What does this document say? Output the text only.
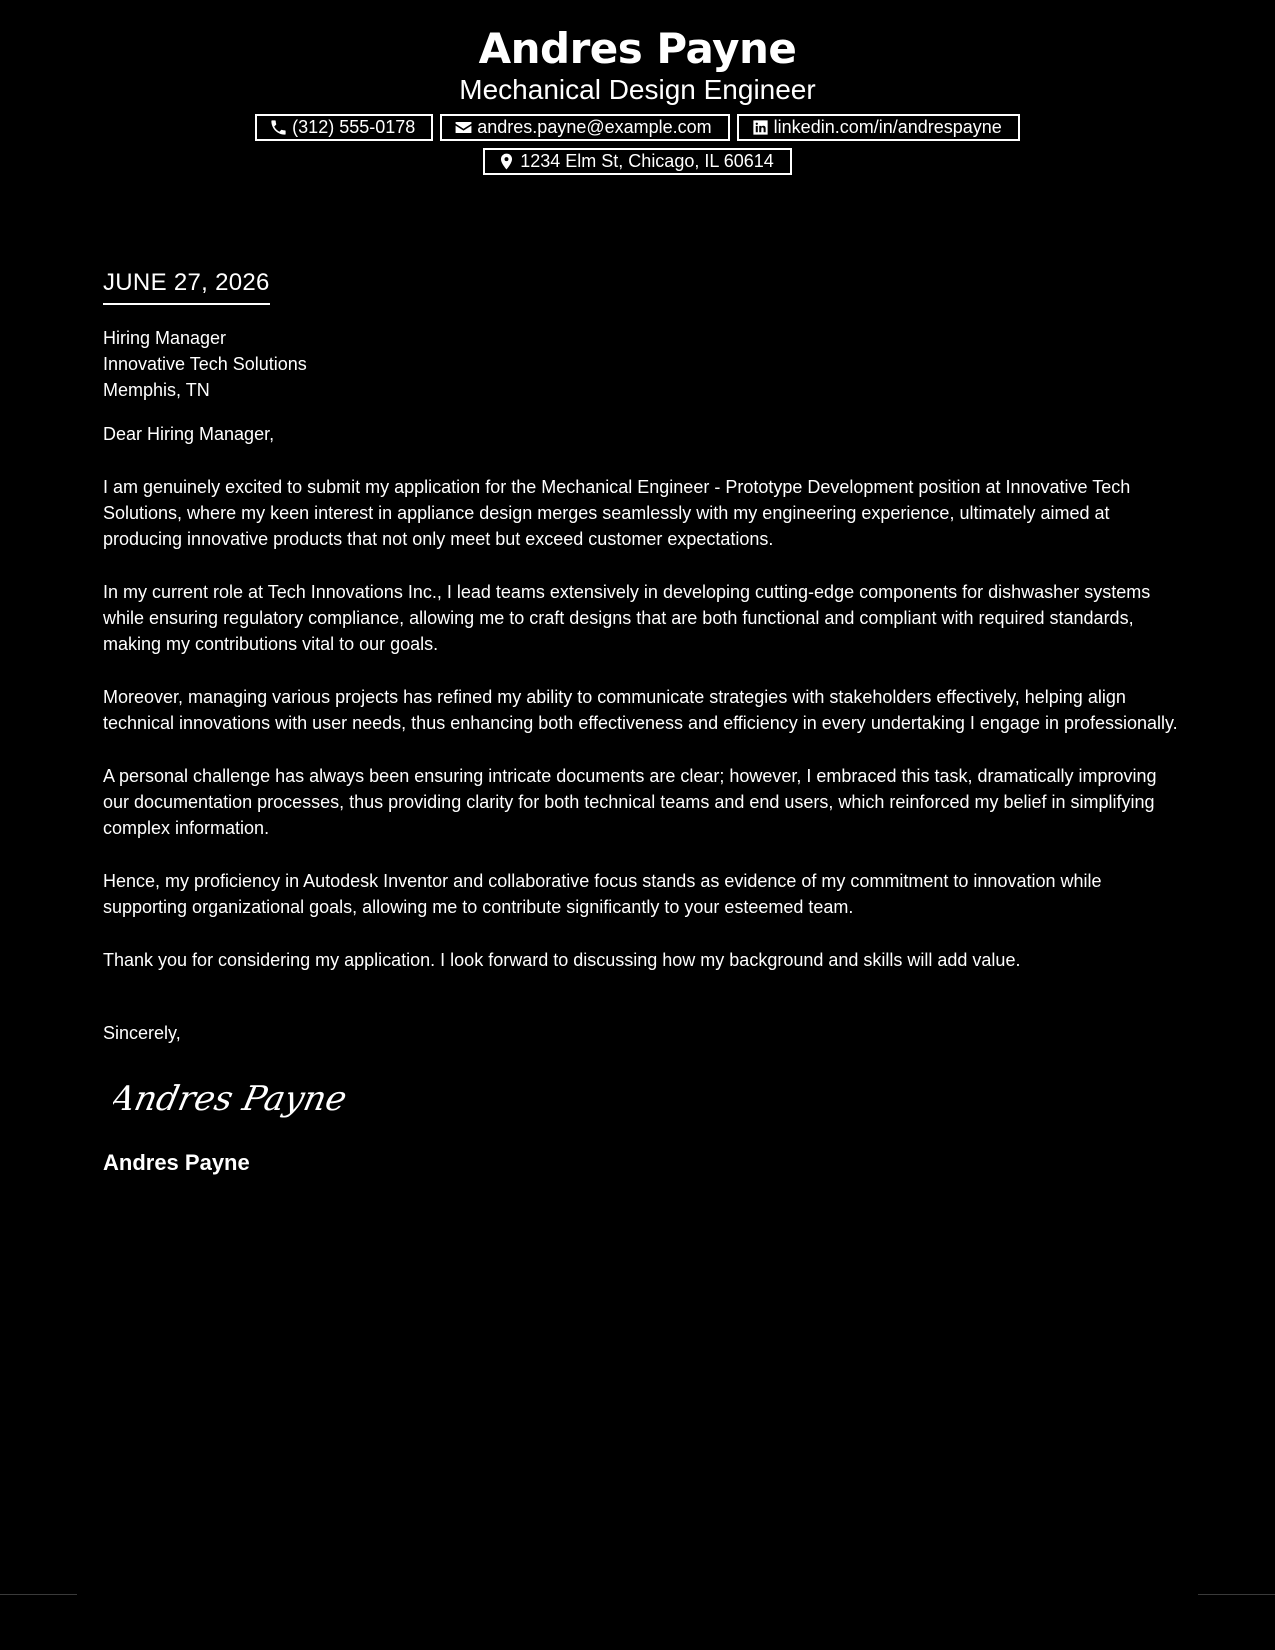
Andres Payne
Mechanical Design Engineer
(312) 555-0178	andres.payne@example.com	linkedin.com/in/andrespayne
1234 Elm St, Chicago, IL 60614
JUNE 27, 2026
Hiring Manager
Innovative Tech Solutions
Memphis, TN

Dear Hiring Manager,

I am genuinely excited to submit my application for the Mechanical Engineer - Prototype Development position at Innovative Tech Solutions, where my keen interest in appliance design merges seamlessly with my engineering experience, ultimately aimed at producing innovative products that not only meet but exceed customer expectations.

In my current role at Tech Innovations Inc., I lead teams extensively in developing cutting-edge components for dishwasher systems while ensuring regulatory compliance, allowing me to craft designs that are both functional and compliant with required standards, making my contributions vital to our goals.

Moreover, managing various projects has refined my ability to communicate strategies with stakeholders effectively, helping align technical innovations with user needs, thus enhancing both effectiveness and efficiency in every undertaking I engage in professionally.

A personal challenge has always been ensuring intricate documents are clear; however, I embraced this task, dramatically improving our documentation processes, thus providing clarity for both technical teams and end users, which reinforced my belief in simplifying complex information.

Hence, my proficiency in Autodesk Inventor and collaborative focus stands as evidence of my commitment to innovation while supporting organizational goals, allowing me to contribute significantly to your esteemed team.

Thank you for considering my application. I look forward to discussing how my background and skills will add value.

Sincerely,
Andres Payne
Andres Payne
